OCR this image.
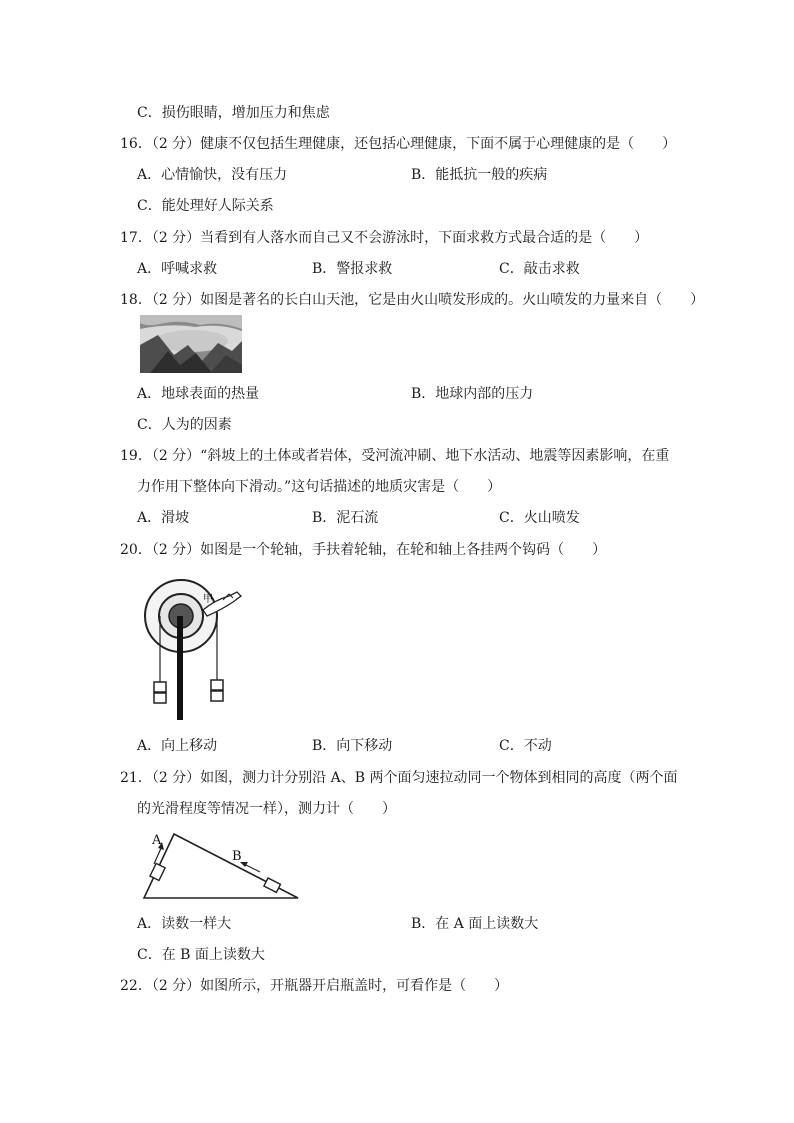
C．损伤眼睛，增加压力和焦虑
16．（2 分）健康不仅包括生理健康，还包括心理健康，下面不属于心理健康的是（　　）
A．心情愉快，没有压力	B．能抵抗一般的疾病
C．能处理好人际关系
17．（2 分）当看到有人落水而自己又不会游泳时，下面求救方式最合适的是（　　）
A．呼喊求救	B．警报求救	C．敲击求救
18．（2 分）如图是著名的长白山天池，它是由火山喷发形成的。火山喷发的力量来自（　　）
A．地球表面的热量	B．地球内部的压力
C．人为的因素
19．（2 分）“斜坡上的土体或者岩体，受河流冲刷、地下水活动、地震等因素影响，在重
力作用下整体向下滑动。”这句话描述的地质灾害是（　　）
A．滑坡	B．泥石流	C．火山喷发
20．（2 分）如图是一个轮轴，手扶着轮轴，在轮和轴上各挂两个钩码（　　）
甲
A．向上移动	B．向下移动	C．不动
21．（2 分）如图，测力计分别沿 A、B 两个面匀速拉动同一个物体到相同的高度（两个面
的光滑程度等情况一样），测力计（　　）
A
B
A．读数一样大	B．在 A 面上读数大
C．在 B 面上读数大
22．（2 分）如图所示，开瓶器开启瓶盖时，可看作是（　　）
